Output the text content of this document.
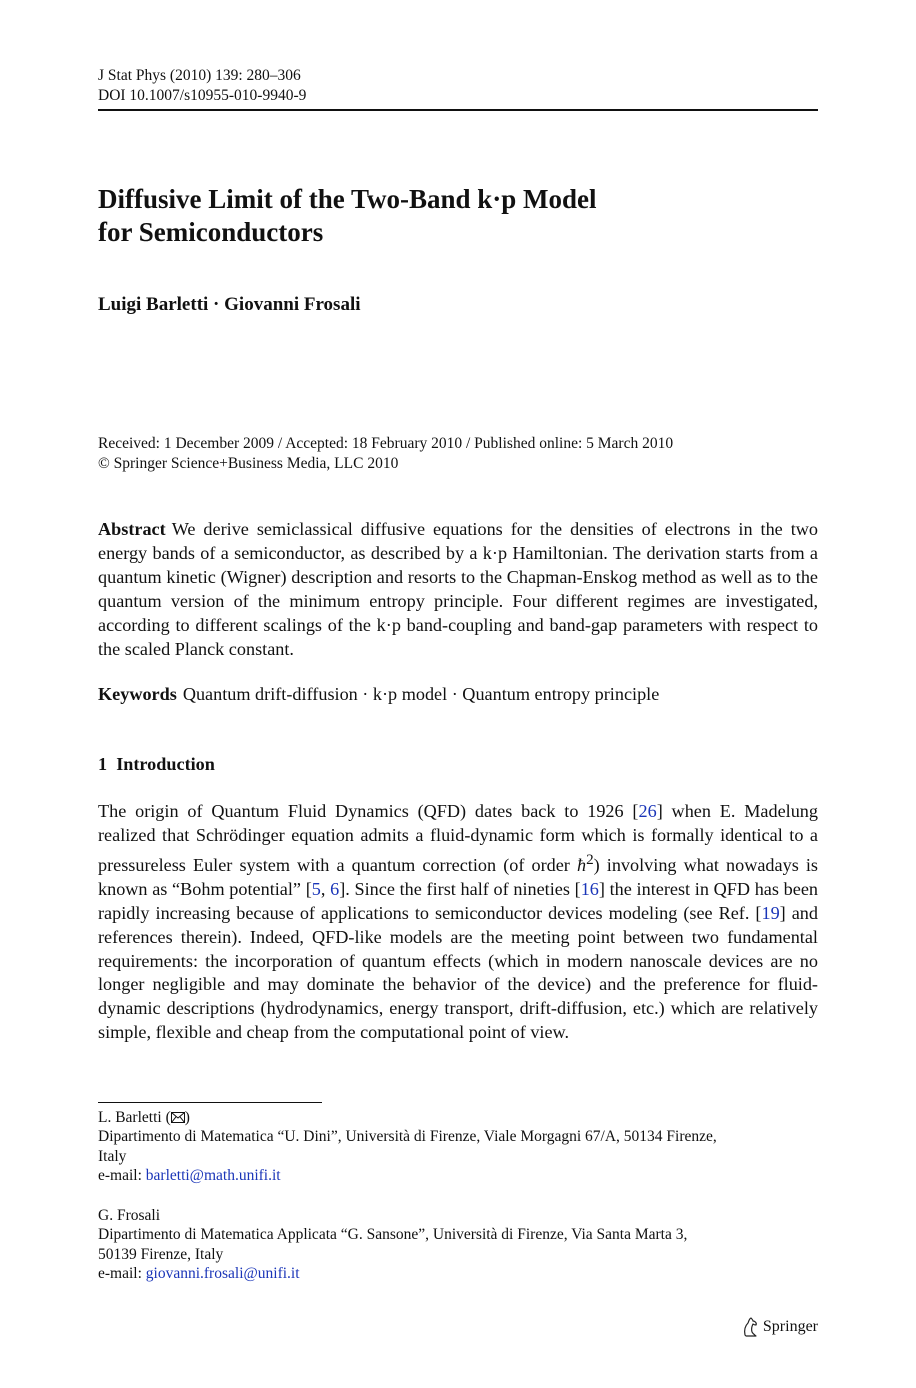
J Stat Phys (2010) 139: 280–306
DOI 10.1007/s10955-010-9940-9
Diffusive Limit of the Two-Band k·p Model
for Semiconductors
Luigi Barletti · Giovanni Frosali
Received: 1 December 2009 / Accepted: 18 February 2010 / Published online: 5 March 2010
© Springer Science+Business Media, LLC 2010
Abstract We derive semiclassical diffusive equations for the densities of electrons in the two energy bands of a semiconductor, as described by a k·p Hamiltonian. The derivation starts from a quantum kinetic (Wigner) description and resorts to the Chapman-Enskog method as well as to the quantum version of the minimum entropy principle. Four different regimes are investigated, according to different scalings of the k·p band-coupling and band-gap parameters with respect to the scaled Planck constant.
Keywords Quantum drift-diffusion · k·p model · Quantum entropy principle
1 Introduction
The origin of Quantum Fluid Dynamics (QFD) dates back to 1926 [26] when E. Madelung realized that Schrödinger equation admits a fluid-dynamic form which is formally identical to a pressureless Euler system with a quantum correction (of order $ħ^2$) involving what nowadays is known as “Bohm potential” [5, 6]. Since the first half of nineties [16] the interest in QFD has been rapidly increasing because of applications to semiconductor devices modeling (see Ref. [19] and references therein). Indeed, QFD-like models are the meeting point between two fundamental requirements: the incorporation of quantum effects (which in modern nanoscale devices are no longer negligible and may dominate the behavior of the device) and the preference for fluid-dynamic descriptions (hydrodynamics, energy transport, drift-diffusion, etc.) which are relatively simple, flexible and cheap from the computational point of view.
L. Barletti ( )
Dipartimento di Matematica “U. Dini”, Università di Firenze, Viale Morgagni 67/A, 50134 Firenze,
Italy
e-mail: barletti@math.unifi.it
G. Frosali
Dipartimento di Matematica Applicata “G. Sansone”, Università di Firenze, Via Santa Marta 3,
50139 Firenze, Italy
e-mail: giovanni.frosali@unifi.it
Springer
